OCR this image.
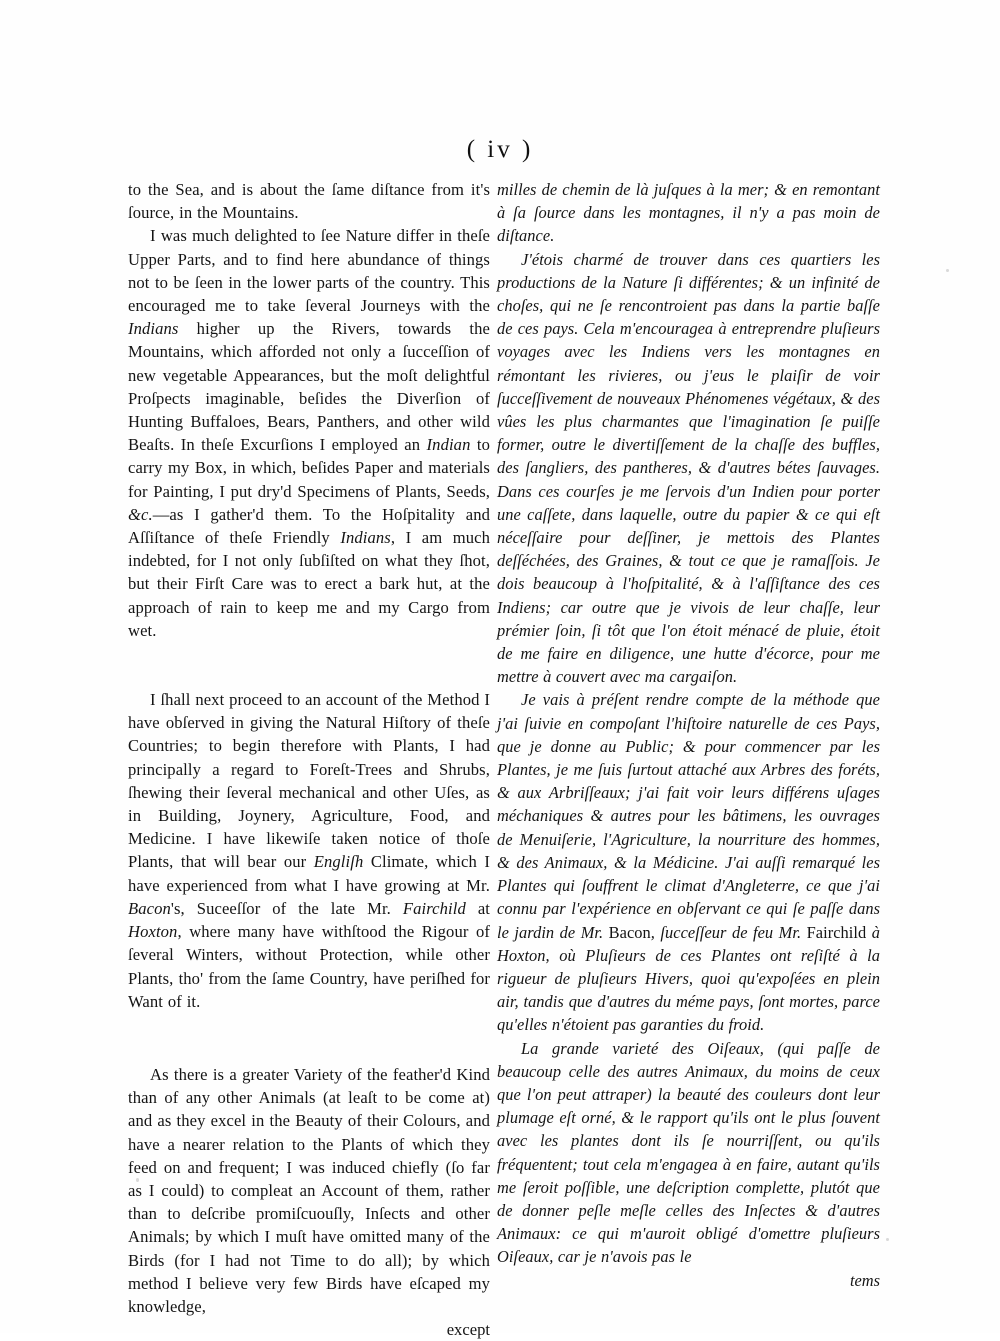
( iv )

to the Sea, and is about the ſame diſtance from it's ſource, in the Mountains.

I was much delighted to ſee Nature differ in theſe Upper Parts, and to find here abundance of things not to be ſeen in the lower parts of the country. This encouraged me to take ſeveral Journeys with the Indians higher up the Rivers, towards the Mountains, which afforded not only a ſucceſſion of new vegetable Appearances, but the moſt delightful Proſpects imaginable, beſides the Diverſion of Hunting Buffaloes, Bears, Panthers, and other wild Beaſts. In theſe Excurſions I employed an Indian to carry my Box, in which, beſides Paper and materials for Painting, I put dry'd Specimens of Plants, Seeds, &c.—as I gather'd them. To the Hoſpitality and Aſſiſtance of theſe Friendly Indians, I am much indebted, for I not only ſubſiſted on what they ſhot, but their Firſt Care was to erect a bark hut, at the approach of rain to keep me and my Cargo from wet.

I ſhall next proceed to an account of the Method I have obſerved in giving the Natural Hiſtory of theſe Countries; to begin therefore with Plants, I had principally a regard to Foreſt-Trees and Shrubs, ſhewing their ſeveral mechanical and other Uſes, as in Building, Joynery, Agriculture, Food, and Medicine. I have likewiſe taken notice of thoſe Plants, that will bear our Engliſh Climate, which I have experienced from what I have growing at Mr. Bacon's, Suceeſſor of the late Mr. Fairchild at Hoxton, where many have withſtood the Rigour of ſeveral Winters, without Protection, while other Plants, tho' from the ſame Country, have periſhed for Want of it.

As there is a greater Variety of the feather'd Kind than of any other Animals (at leaſt to be come at) and as they excel in the Beauty of their Colours, and have a nearer relation to the Plants of which they feed on and frequent; I was induced chiefly (ſo far as I could) to compleat an Account of them, rather than to deſcribe promiſcuouſly, Inſects and other Animals; by which I muſt have omitted many of the Birds (for I had not Time to do all); by which method I believe very few Birds have eſcaped my knowledge,

except

milles de chemin de là juſques à la mer; & en remontant à ſa ſource dans les montagnes, il n'y a pas moin de diſtance.

J'étois charmé de trouver dans ces quartiers les productions de la Nature ſi différentes; & un infinité de choſes, qui ne ſe rencontroient pas dans la partie baſſe de ces pays. Cela m'encouragea à entreprendre pluſieurs voyages avec les Indiens vers les montagnes en rémontant les rivieres, ou j'eus le plaiſir de voir ſucceſſivement de nouveaux Phénomenes végétaux, & des vûes les plus charmantes que l'imagination ſe puiſſe former, outre le divertiſſement de la chaſſe des buffles, des ſangliers, des pantheres, & d'autres bétes ſauvages. Dans ces courſes je me ſervois d'un Indien pour porter une caſſete, dans laquelle, outre du papier & ce qui eſt néceſſaire pour deſſiner, je mettois des Plantes deſſéchées, des Graines, & tout ce que je ramaſſois. Je dois beaucoup à l'hoſpitalité, & à l'aſſiſtance des ces Indiens; car outre que je vivois de leur chaſſe, leur prémier ſoin, ſi tôt que l'on étoit ménacé de pluie, étoit de me faire en diligence, une hutte d'écorce, pour me mettre à couvert avec ma cargaiſon.

Je vais à préſent rendre compte de la méthode que j'ai ſuivie en compoſant l'hiſtoire naturelle de ces Pays, que je donne au Public; & pour commencer par les Plantes, je me ſuis ſurtout attaché aux Arbres des foréts, & aux Arbriſſeaux; j'ai fait voir leurs différens uſages méchaniques & autres pour les bâtimens, les ouvrages de Menuiſerie, l'Agriculture, la nourriture des hommes, & des Animaux, & la Médicine. J'ai auſſi remarqué les Plantes qui ſouffrent le climat d'Angleterre, ce que j'ai connu par l'expérience en obſervant ce qui ſe paſſe dans le jardin de Mr. Bacon, ſucceſſeur de feu Mr. Fairchild à Hoxton, où Pluſieurs de ces Plantes ont reſiſté à la rigueur de pluſieurs Hivers, quoi qu'expoſées en plein air, tandis que d'autres du méme pays, ſont mortes, parce qu'elles n'étoient pas garanties du froid.

La grande varieté des Oiſeaux, (qui paſſe de beaucoup celle des autres Animaux, du moins de ceux que l'on peut attraper) la beauté des couleurs dont leur plumage eſt orné, & le rapport qu'ils ont le plus ſouvent avec les plantes dont ils ſe nourriſſent, ou qu'ils fréquentent; tout cela m'engagea à en faire, autant qu'ils me ſeroit poſſible, une deſcription complette, plutót que de donner peſle meſle celles des Inſectes & d'autres Animaux: ce qui m'auroit obligé d'omettre pluſieurs Oiſeaux, car je n'avois pas le

tems
